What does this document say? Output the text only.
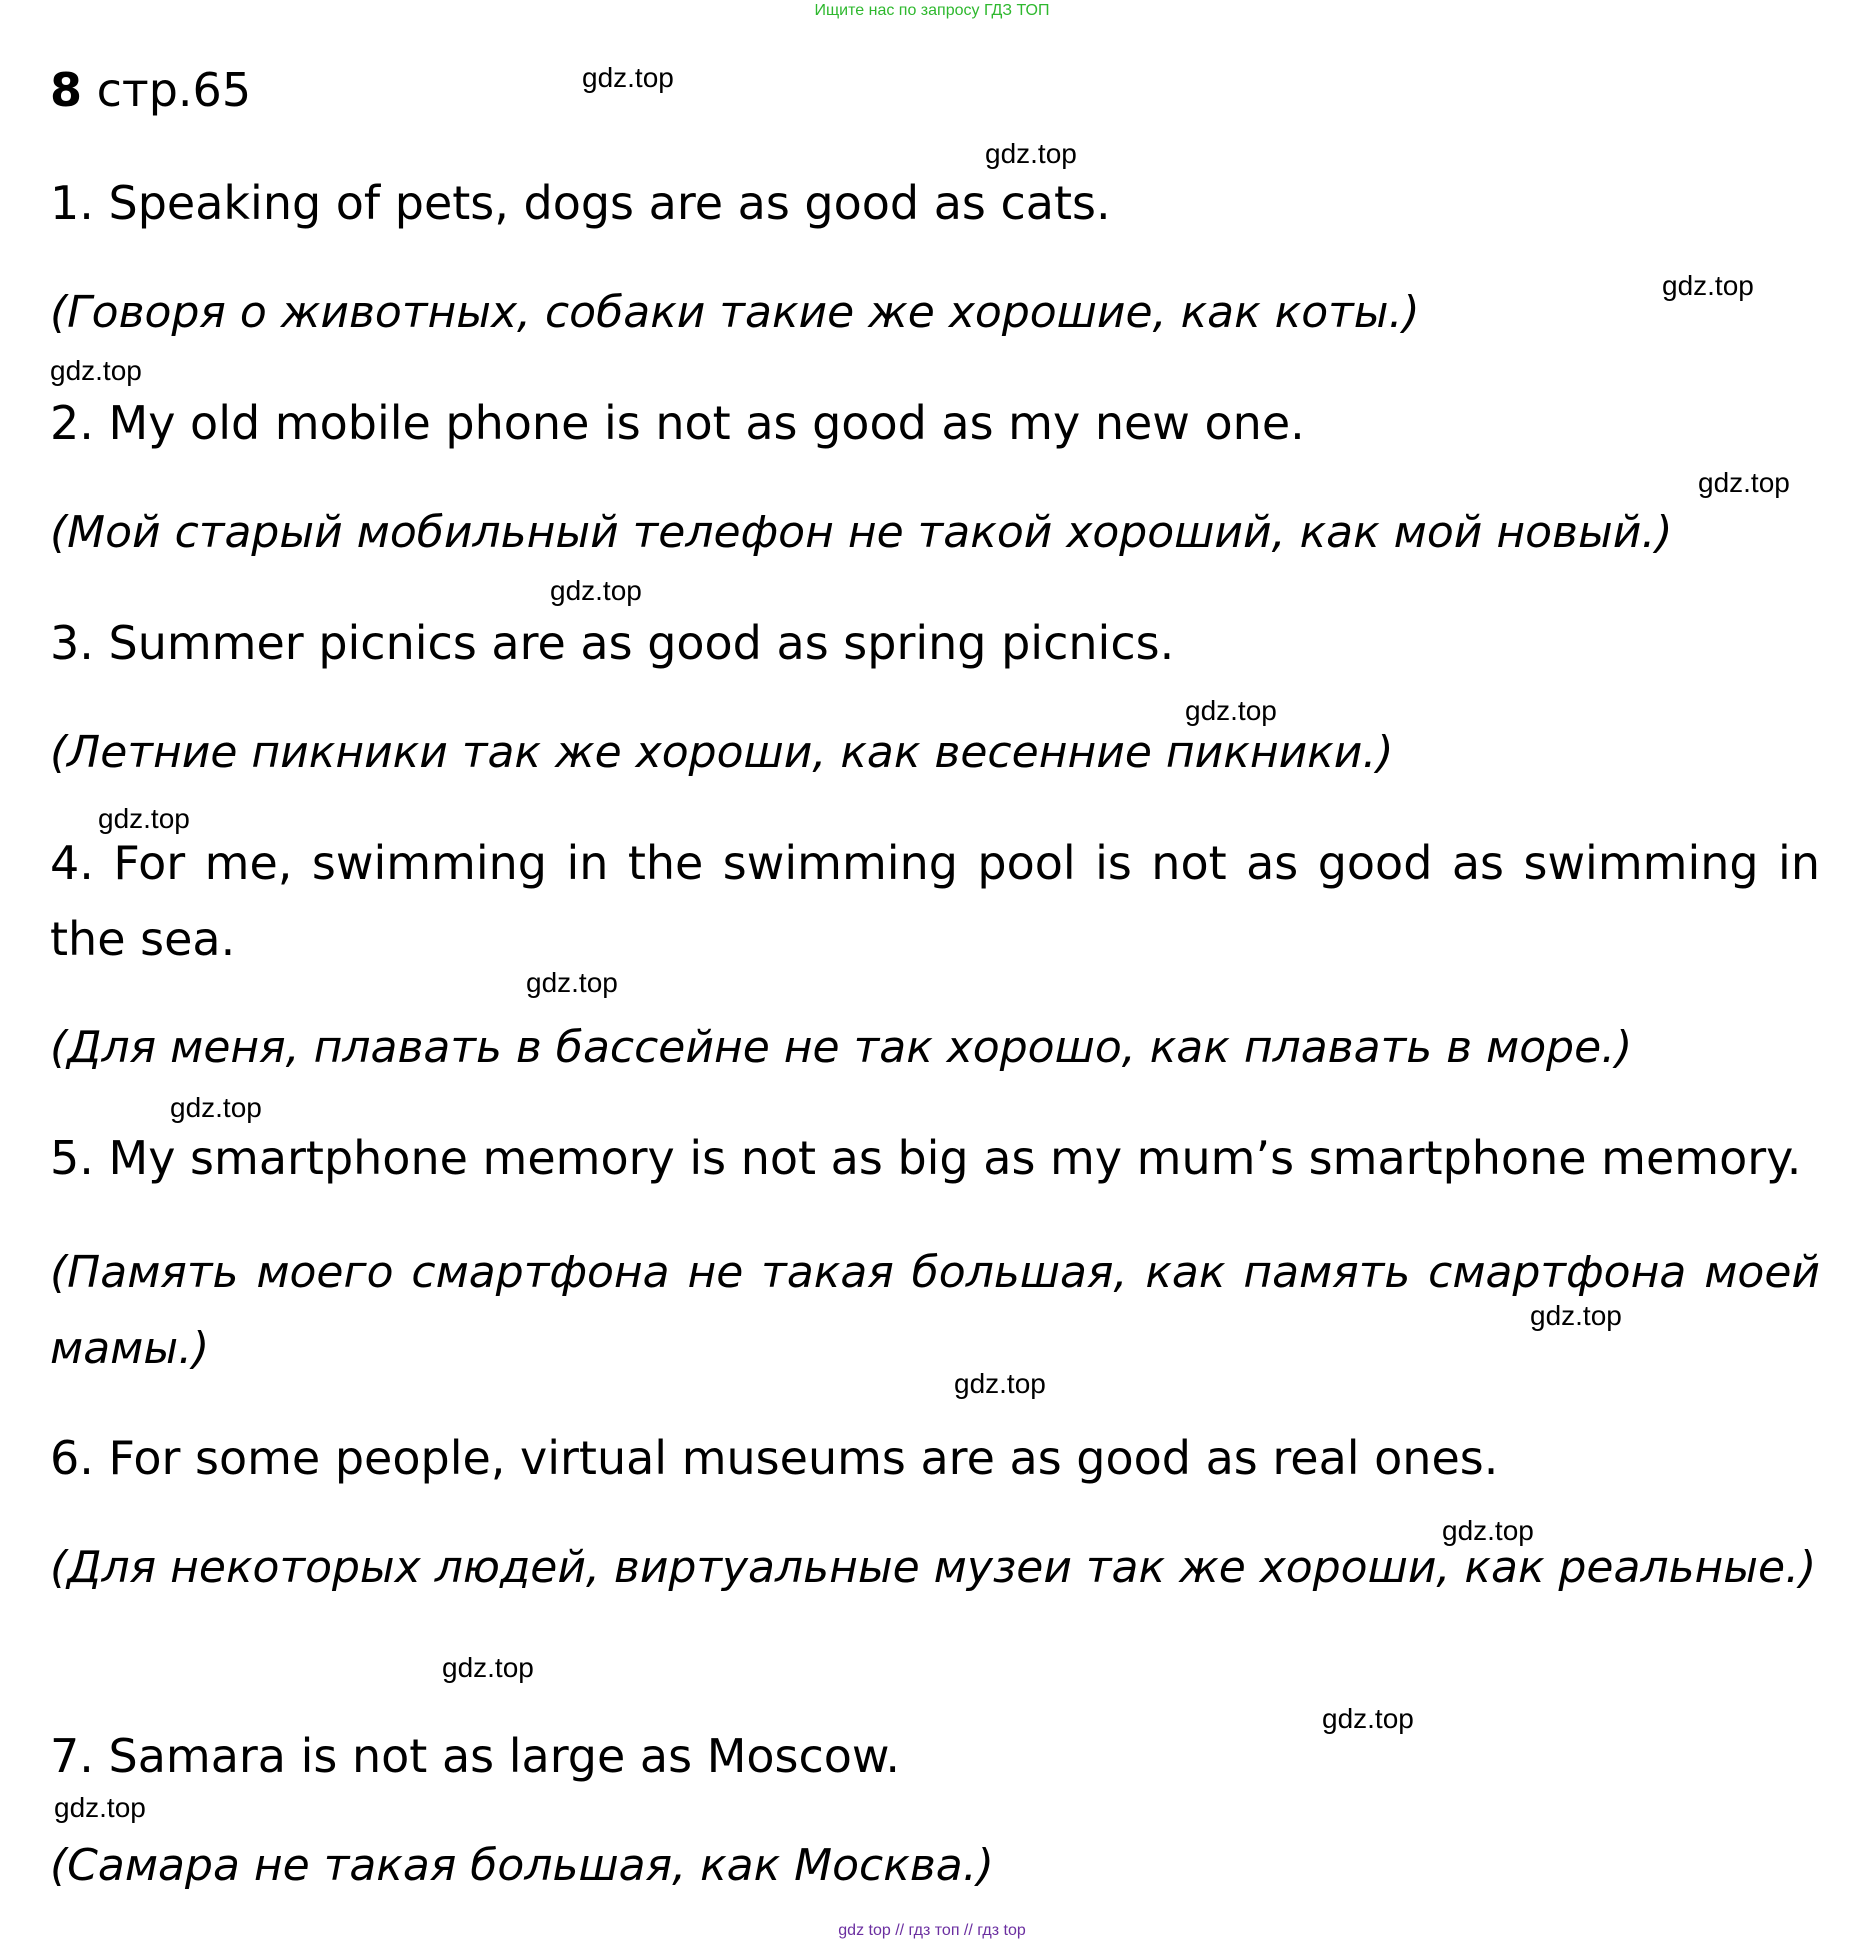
Ищите нас по запросу ГДЗ ТОП
8 стр.65
1. Speaking of pets, dogs are as good as cats.
(Говоря о животных, собаки такие же хорошие, как коты.)
2. My old mobile phone is not as good as my new one.
(Мой старый мобильный телефон не такой хороший, как мой новый.)
3. Summer picnics are as good as spring picnics.
(Летние пикники так же хороши, как весенние пикники.)
4. For me, swimming in the swimming pool is not as good as swimming in the sea.
(Для меня, плавать в бассейне не так хорошо, как плавать в море.)
5. My smartphone memory is not as big as my mum’s smartphone memory.
(Память моего смартфона не такая большая, как память смартфона моей мамы.)
6. For some people, virtual museums are as good as real ones.
(Для некоторых людей, виртуальные музеи так же хороши, как реальные.)
7. Samara is not as large as Moscow.
(Самара не такая большая, как Москва.)
gdz.top
gdz.top
gdz.top
gdz.top
gdz.top
gdz.top
gdz.top
gdz.top
gdz.top
gdz.top
gdz.top
gdz.top
gdz.top
gdz.top
gdz.top
gdz.top
gdz top // гдз топ // гдз top
